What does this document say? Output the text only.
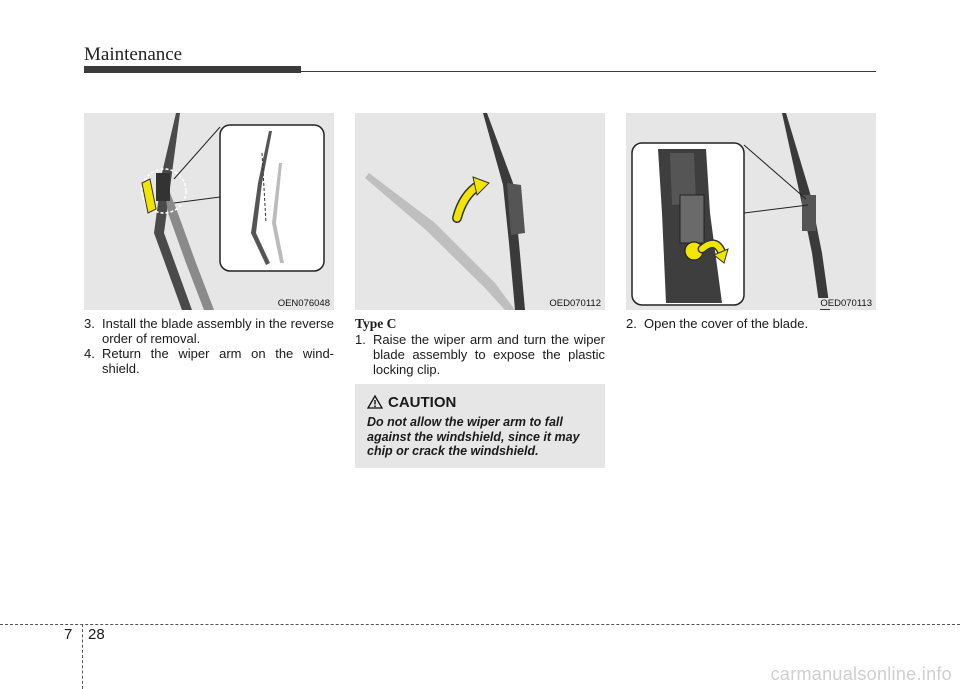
Maintenance
OEN076048	OED070112	OED070113

3. Install the blade assembly in the reverse order of removal.

4. Return the wiper arm on the wind-shield.

Type C

1. Raise the wiper arm and turn the wiper blade assembly to expose the plastic locking clip.

CAUTION
Do not allow the wiper arm to fall against the windshield, since it may chip or crack the windshield.

2. Open the cover of the blade.

7 28
carmanualsonline.info
